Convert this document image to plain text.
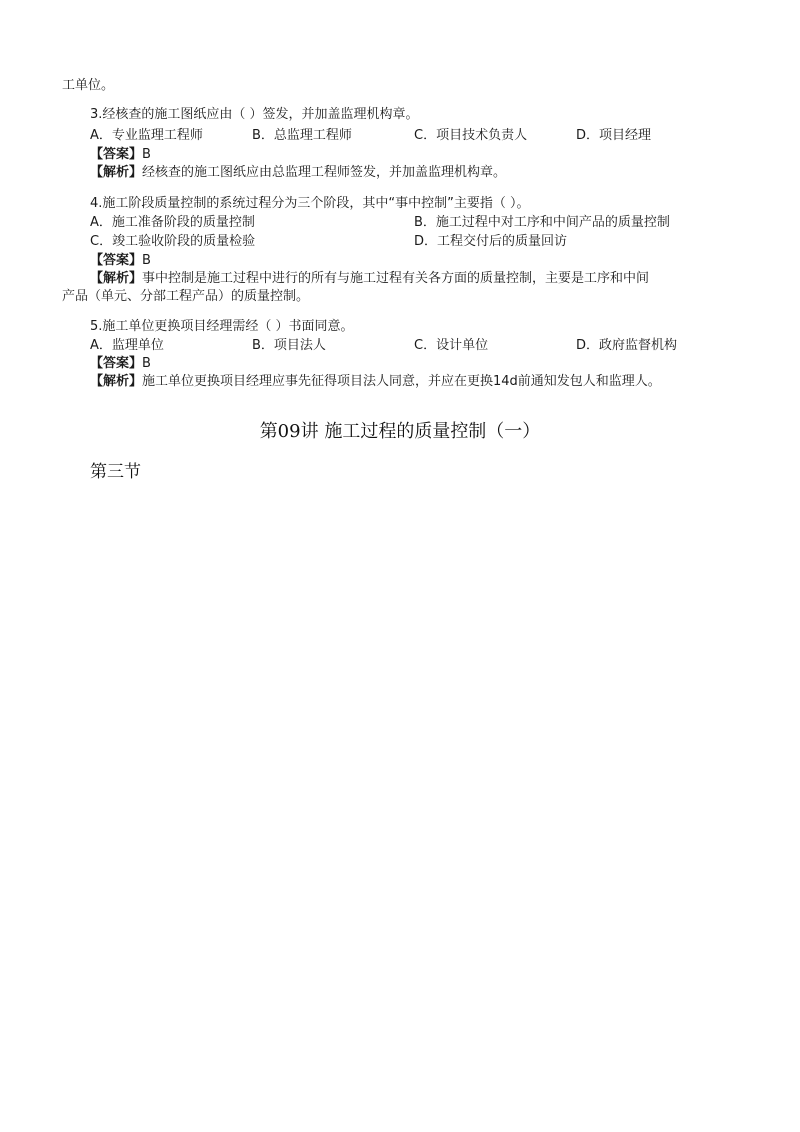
工单位。
3.经核查的施工图纸应由（ ）签发，并加盖监理机构章。
A．专业监理工程师	B．总监理工程师	C．项目技术负责人	D．项目经理
【答案】B
【解析】经核查的施工图纸应由总监理工程师签发，并加盖监理机构章。
4.施工阶段质量控制的系统过程分为三个阶段，其中“事中控制”主要指（ ）。
A．施工准备阶段的质量控制	B．施工过程中对工序和中间产品的质量控制
C．竣工验收阶段的质量检验	D．工程交付后的质量回访
【答案】B
【解析】事中控制是施工过程中进行的所有与施工过程有关各方面的质量控制，主要是工序和中间
产品（单元、分部工程产品）的质量控制。
5.施工单位更换项目经理需经（ ）书面同意。
A．监理单位	B．项目法人	C．设计单位	D．政府监督机构
【答案】B
【解析】施工单位更换项目经理应事先征得项目法人同意，并应在更换14d前通知发包人和监理人。
第09讲 施工过程的质量控制（一）
第三节
